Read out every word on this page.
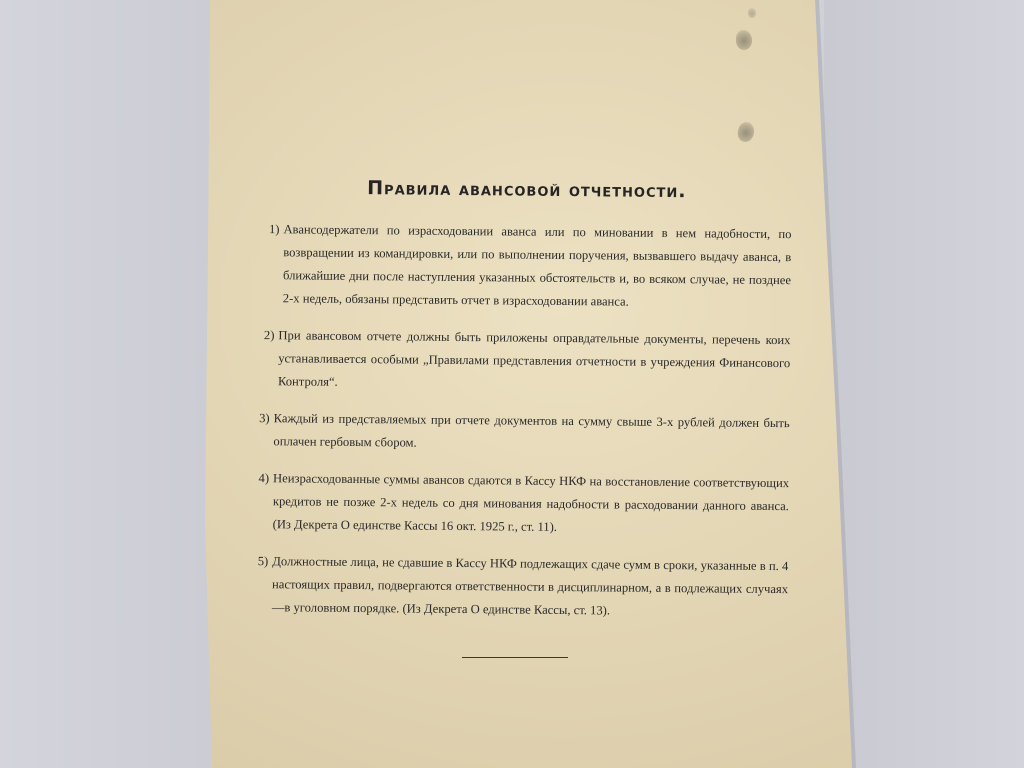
Правила авансовой отчетности.
1) Авансодержатели по израсходовании аванса или по миновании в нем надобности, по возвращении из командировки, или по выполнении поручения, вызвавшего выдачу аванса, в ближайшие дни после наступления указанных обстоятельств и, во всяком случае, не позднее 2-х недель, обязаны представить отчет в израсходовании аванса.
2) При авансовом отчете должны быть приложены оправдательные документы, перечень коих устанавливается особыми „Правилами представления отчетности в учреждения Финансового Контроля“.
3) Каждый из представляемых при отчете документов на сумму свыше 3-х рублей должен быть оплачен гербовым сбором.
4) Неизрасходованные суммы авансов сдаются в Кассу НКФ на восстановление соответствующих кредитов не позже 2-х недель со дня минования надобности в расходовании данного аванса. (Из Декрета О единстве Кассы 16 окт. 1925 г., ст. 11).
5) Должностные лица, не сдавшие в Кассу НКФ подлежащих сдаче сумм в сроки, указанные в п. 4 настоящих правил, подвергаются ответственности в дисциплинарном, а в подлежащих случаях—в уголовном порядке. (Из Декрета О единстве Кассы, ст. 13).
